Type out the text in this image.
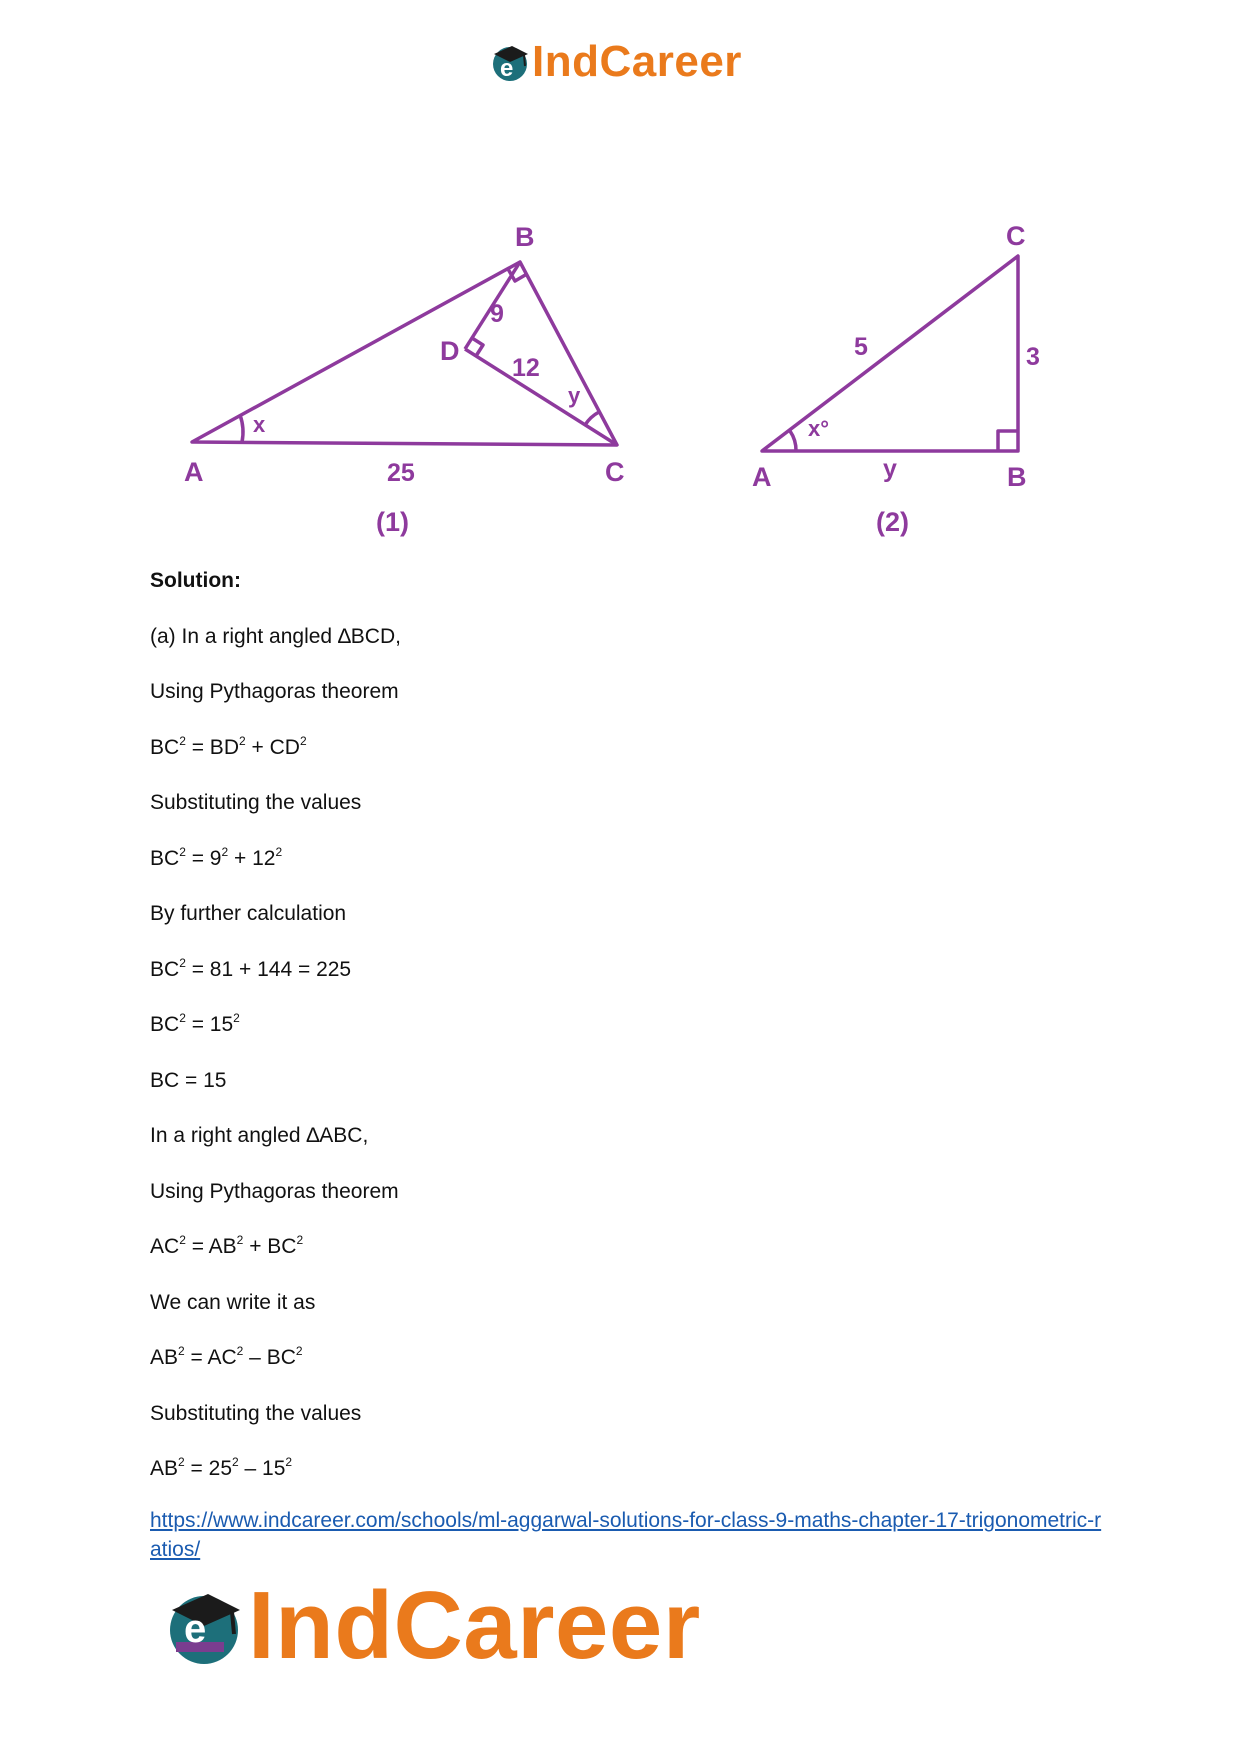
e IndCareer
B
A	C
D
x
y
25
9
12
(1)
C
A	B
x°
5	3
y
(2)
Solution:
(a) In a right angled ∆BCD,
Using Pythagoras theorem
$BC^2 = BD^2 + CD^2$
Substituting the values
$BC^2 = 9^2 + 12^2$
By further calculation
$BC^2 = 81 + 144 = 225$
$BC^2 = 15^2$
BC = 15
In a right angled ∆ABC,
Using Pythagoras theorem
$AC^2 = AB^2 + BC^2$
We can write it as
$AB^2 = AC^2 - BC^2$
Substituting the values
$AB^2 = 25^2 - 15^2$
https://www.indcareer.com/schools/ml-aggarwal-solutions-for-class-9-maths-chapter-17-trigonometric-ratios/
e IndCareer
